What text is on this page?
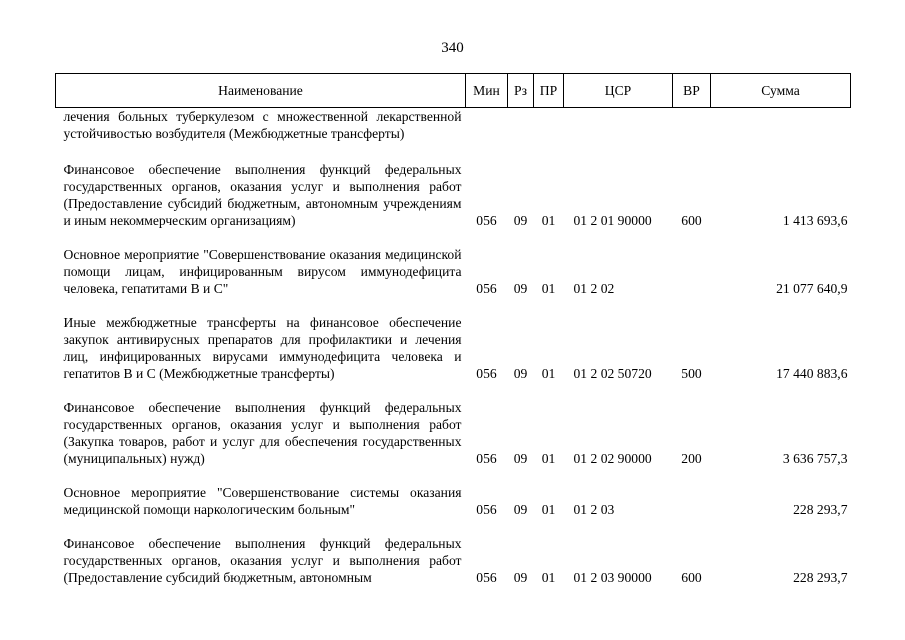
340
Наименование	Мин	Рз	ПР	ЦСР	ВР	Сумма
лечения больных туберкулезом с множественной лекарственной устойчивостью возбудителя (Межбюджетные трансферты)						
Финансовое обеспечение выполнения функций федеральных государственных органов, оказания услуг и выполнения работ (Предоставление субсидий бюджетным, автономным учреждениям и иным некоммерческим организациям)	056	09	01	01 2 01 90000	600	1 413 693,6
Основное мероприятие "Совершенствование оказания медицинской помощи лицам, инфицированным вирусом иммунодефицита человека, гепатитами В и С"	056	09	01	01 2 02		21 077 640,9
Иные межбюджетные трансферты на финансовое обеспечение закупок антивирусных препаратов для профилактики и лечения лиц, инфицированных вирусами иммунодефицита человека и гепатитов В и С (Межбюджетные трансферты)	056	09	01	01 2 02 50720	500	17 440 883,6
Финансовое обеспечение выполнения функций федеральных государственных органов, оказания услуг и выполнения работ (Закупка товаров, работ и услуг для обеспечения государственных (муниципальных) нужд)	056	09	01	01 2 02 90000	200	3 636 757,3
Основное мероприятие "Совершенствование системы оказания медицинской помощи наркологическим больным"	056	09	01	01 2 03		228 293,7
Финансовое обеспечение выполнения функций федеральных государственных органов, оказания услуг и выполнения работ (Предоставление субсидий бюджетным, автономным	056	09	01	01 2 03 90000	600	228 293,7
